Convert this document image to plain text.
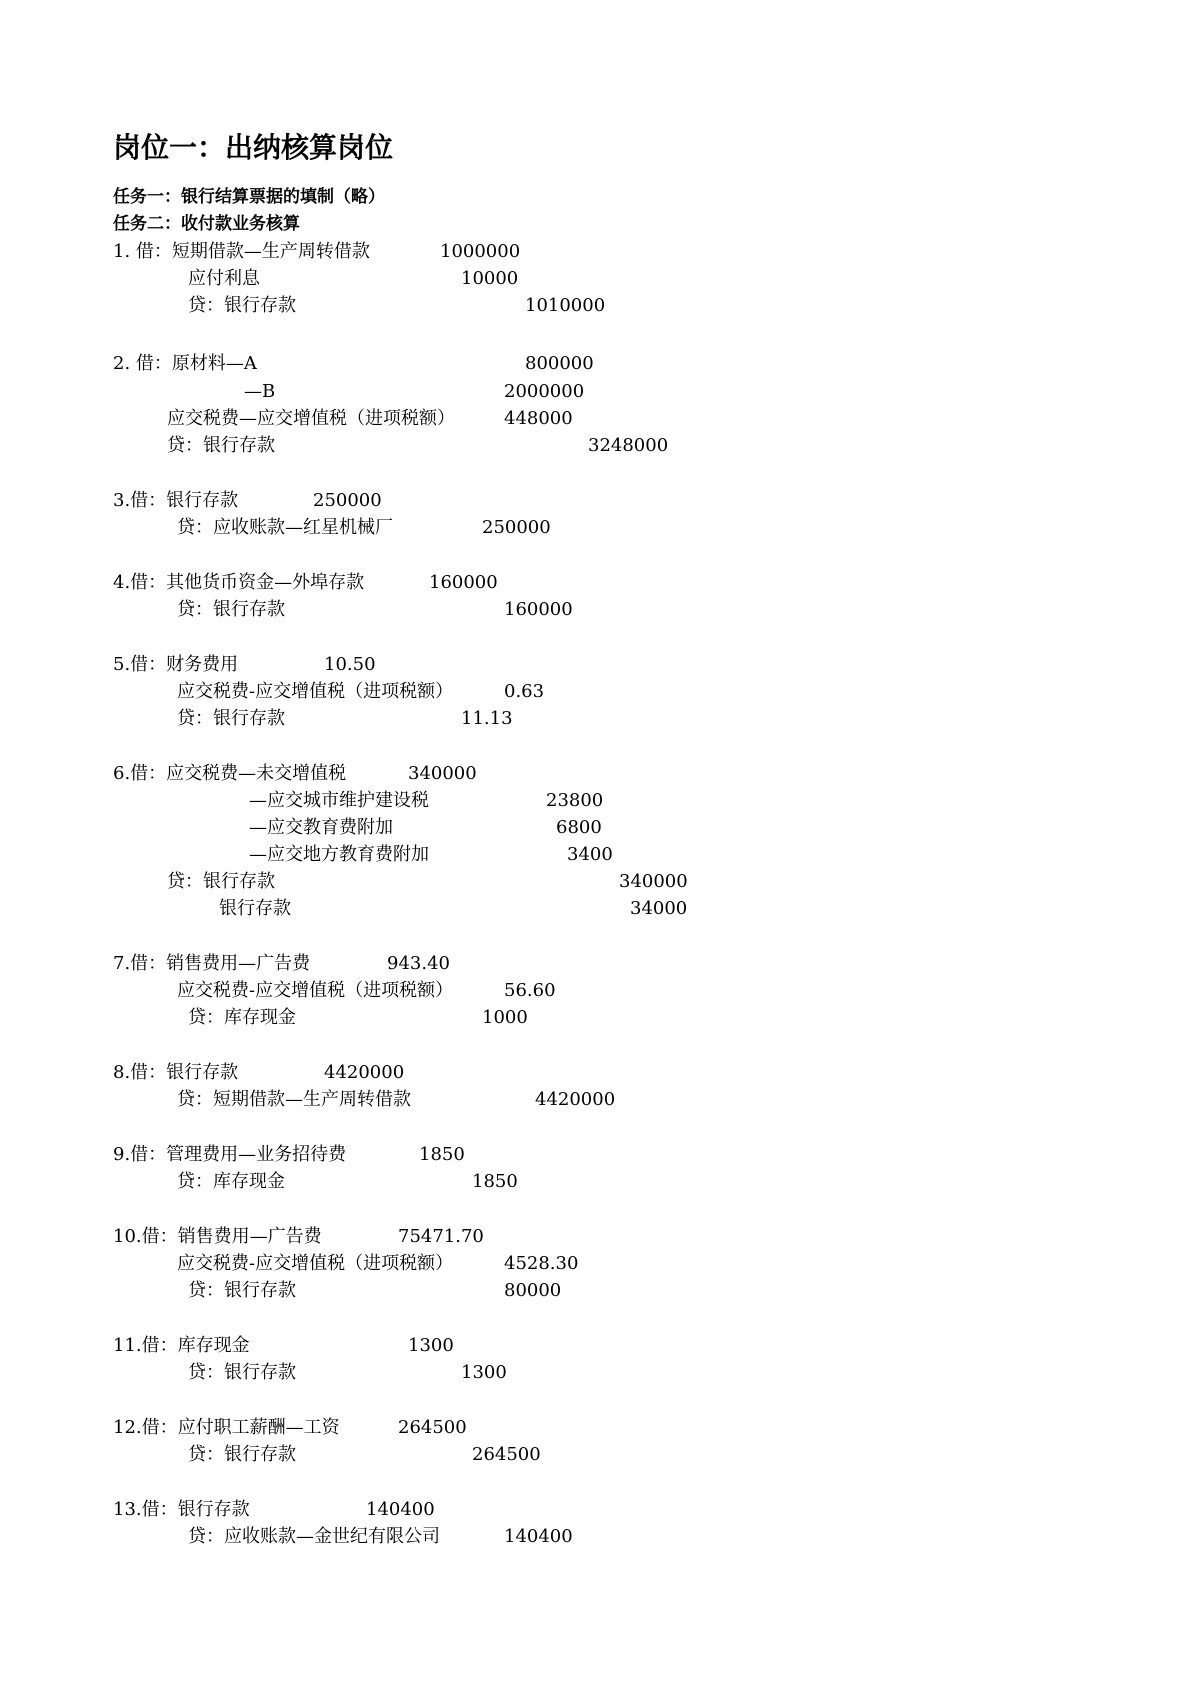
岗位一：出纳核算岗位
任务一：银行结算票据的填制（略）
任务二：收付款业务核算
1. 借：短期借款—生产周转借款	1000000
应付利息	10000
贷：银行存款	1010000
2. 借：原材料—A	800000
—B	2000000
应交税费—应交增值税（进项税额）	448000
贷：银行存款	3248000
3.借：银行存款	250000
贷：应收账款—红星机械厂	250000
4.借：其他货币资金—外埠存款	160000
贷：银行存款	160000
5.借：财务费用	10.50
应交税费-应交增值税（进项税额）	0.63
贷：银行存款	11.13
6.借：应交税费—未交增值税	340000
—应交城市维护建设税	23800
—应交教育费附加	6800
—应交地方教育费附加	3400
贷：银行存款	340000
银行存款	34000
7.借：销售费用—广告费	943.40
应交税费-应交增值税（进项税额）	56.60
贷：库存现金	1000
8.借：银行存款	4420000
贷：短期借款—生产周转借款	4420000
9.借：管理费用—业务招待费	1850
贷：库存现金	1850
10.借：销售费用—广告费	75471.70
应交税费-应交增值税（进项税额）	4528.30
贷：银行存款	80000
11.借：库存现金	1300
贷：银行存款	1300
12.借：应付职工薪酬—工资	264500
贷：银行存款	264500
13.借：银行存款	140400
贷：应收账款—金世纪有限公司	140400
